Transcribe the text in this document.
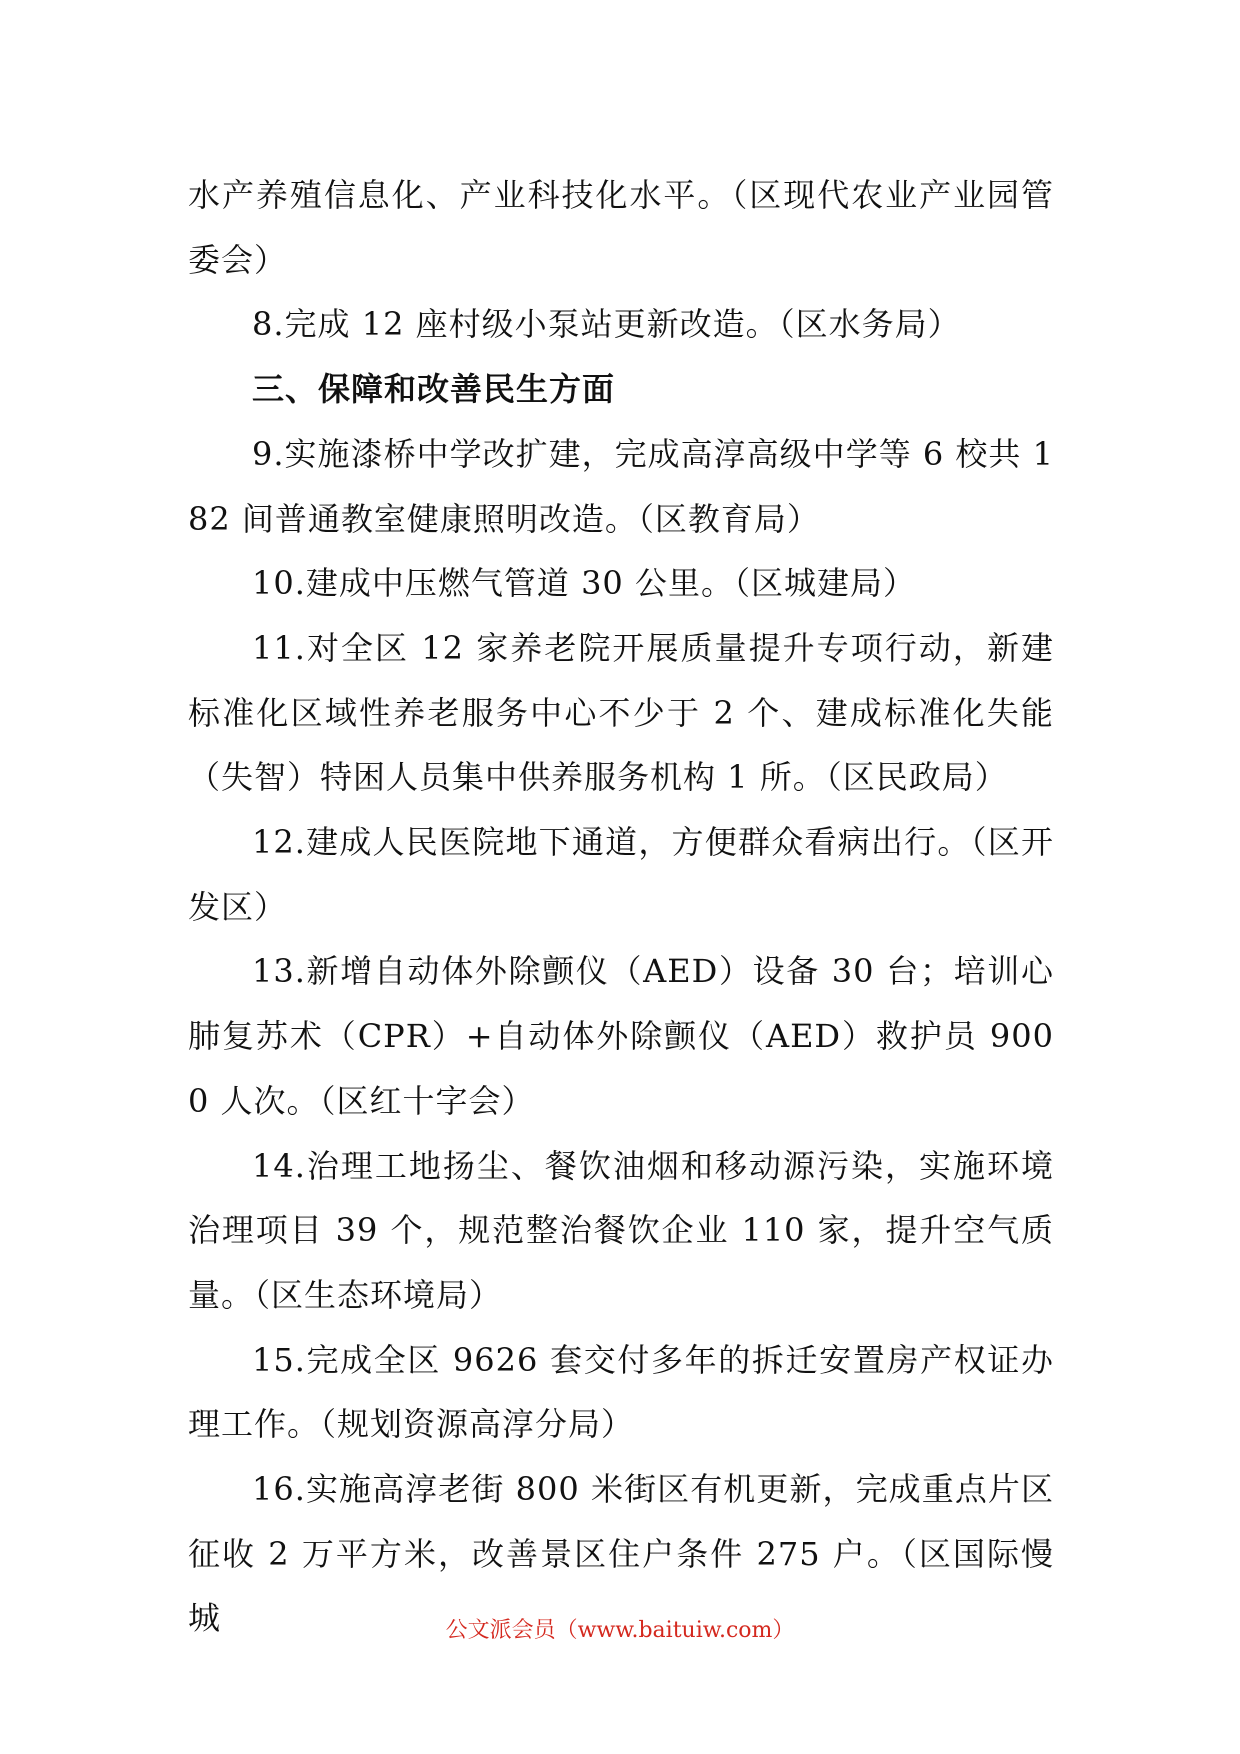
水产养殖信息化、产业科技化水平。（区现代农业产业园管委会）

8.完成 12 座村级小泵站更新改造。（区水务局）

三、保障和改善民生方面

9.实施漆桥中学改扩建，完成高淳高级中学等 6 校共 182 间普通教室健康照明改造。（区教育局）

10.建成中压燃气管道 30 公里。（区城建局）

11.对全区 12 家养老院开展质量提升专项行动，新建标准化区域性养老服务中心不少于 2 个、建成标准化失能（失智）特困人员集中供养服务机构 1 所。（区民政局）

12.建成人民医院地下通道，方便群众看病出行。（区开发区）

13.新增自动体外除颤仪（AED）设备 30 台；培训心肺复苏术（CPR）+自动体外除颤仪（AED）救护员 9000 人次。（区红十字会）

14.治理工地扬尘、餐饮油烟和移动源污染，实施环境治理项目 39 个，规范整治餐饮企业 110 家，提升空气质量。（区生态环境局）

15.完成全区 9626 套交付多年的拆迁安置房产权证办理工作。（规划资源高淳分局）

16.实施高淳老街 800 米街区有机更新，完成重点片区征收 2 万平方米，改善景区住户条件 275 户。（区国际慢城	公文派会员（www.baituiw.com）
